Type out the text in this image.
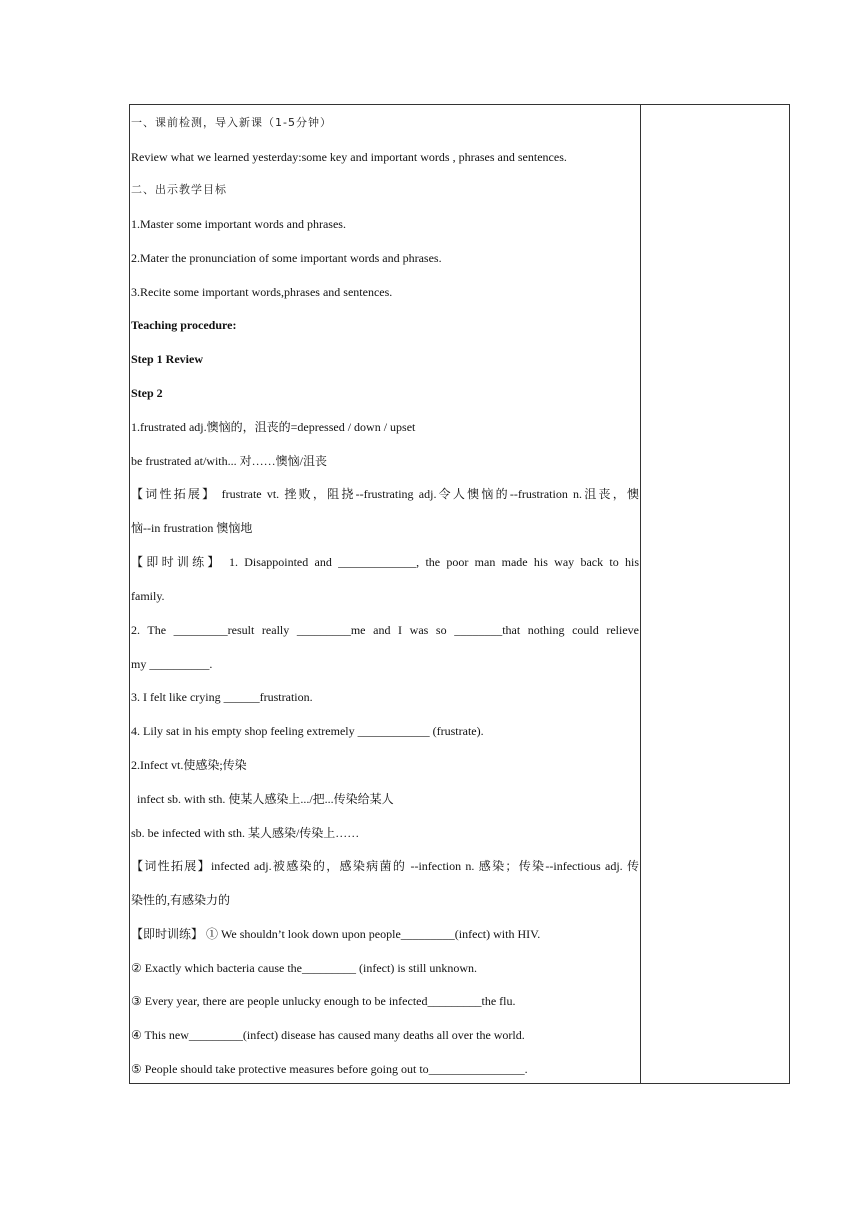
一、课前检测，导入新课（1-5分钟）
Review what we learned yesterday:some key and important words , phrases and sentences.
二、出示教学目标
1.Master some important words and phrases.
2.Mater the pronunciation of some important words and phrases.
3.Recite some important words,phrases and sentences.
Teaching procedure:
Step 1 Review
Step 2
1.frustrated adj.懊恼的，沮丧的=depressed / down / upset
be frustrated at/with... 对……懊恼/沮丧
【词性拓展】 frustrate vt. 挫败，阻挠--frustrating adj.令人懊恼的--frustration n.沮丧，懊
恼--in frustration 懊恼地
【即时训练】 1. Disappointed and _____________, the poor man made his way back to his
family.
2. The _________result really _________me and I was so ________that nothing could relieve
my __________.
3. I felt like crying ______frustration.
4. Lily sat in his empty shop feeling extremely ____________ (frustrate).
2.Infect vt.使感染;传染
infect sb. with sth. 使某人感染上.../把...传染给某人
sb. be infected with sth. 某人感染/传染上……
【词性拓展】infected adj.被感染的，感染病菌的 --infection n. 感染；传染--infectious adj. 传
染性的,有感染力的
【即时训练】 ① We shouldn’t look down upon people_________(infect) with HIV.
② Exactly which bacteria cause the_________ (infect) is still unknown.
③ Every year, there are people unlucky enough to be infected_________the flu.
④ This new_________(infect) disease has caused many deaths all over the world.
⑤ People should take protective measures before going out to________________.
